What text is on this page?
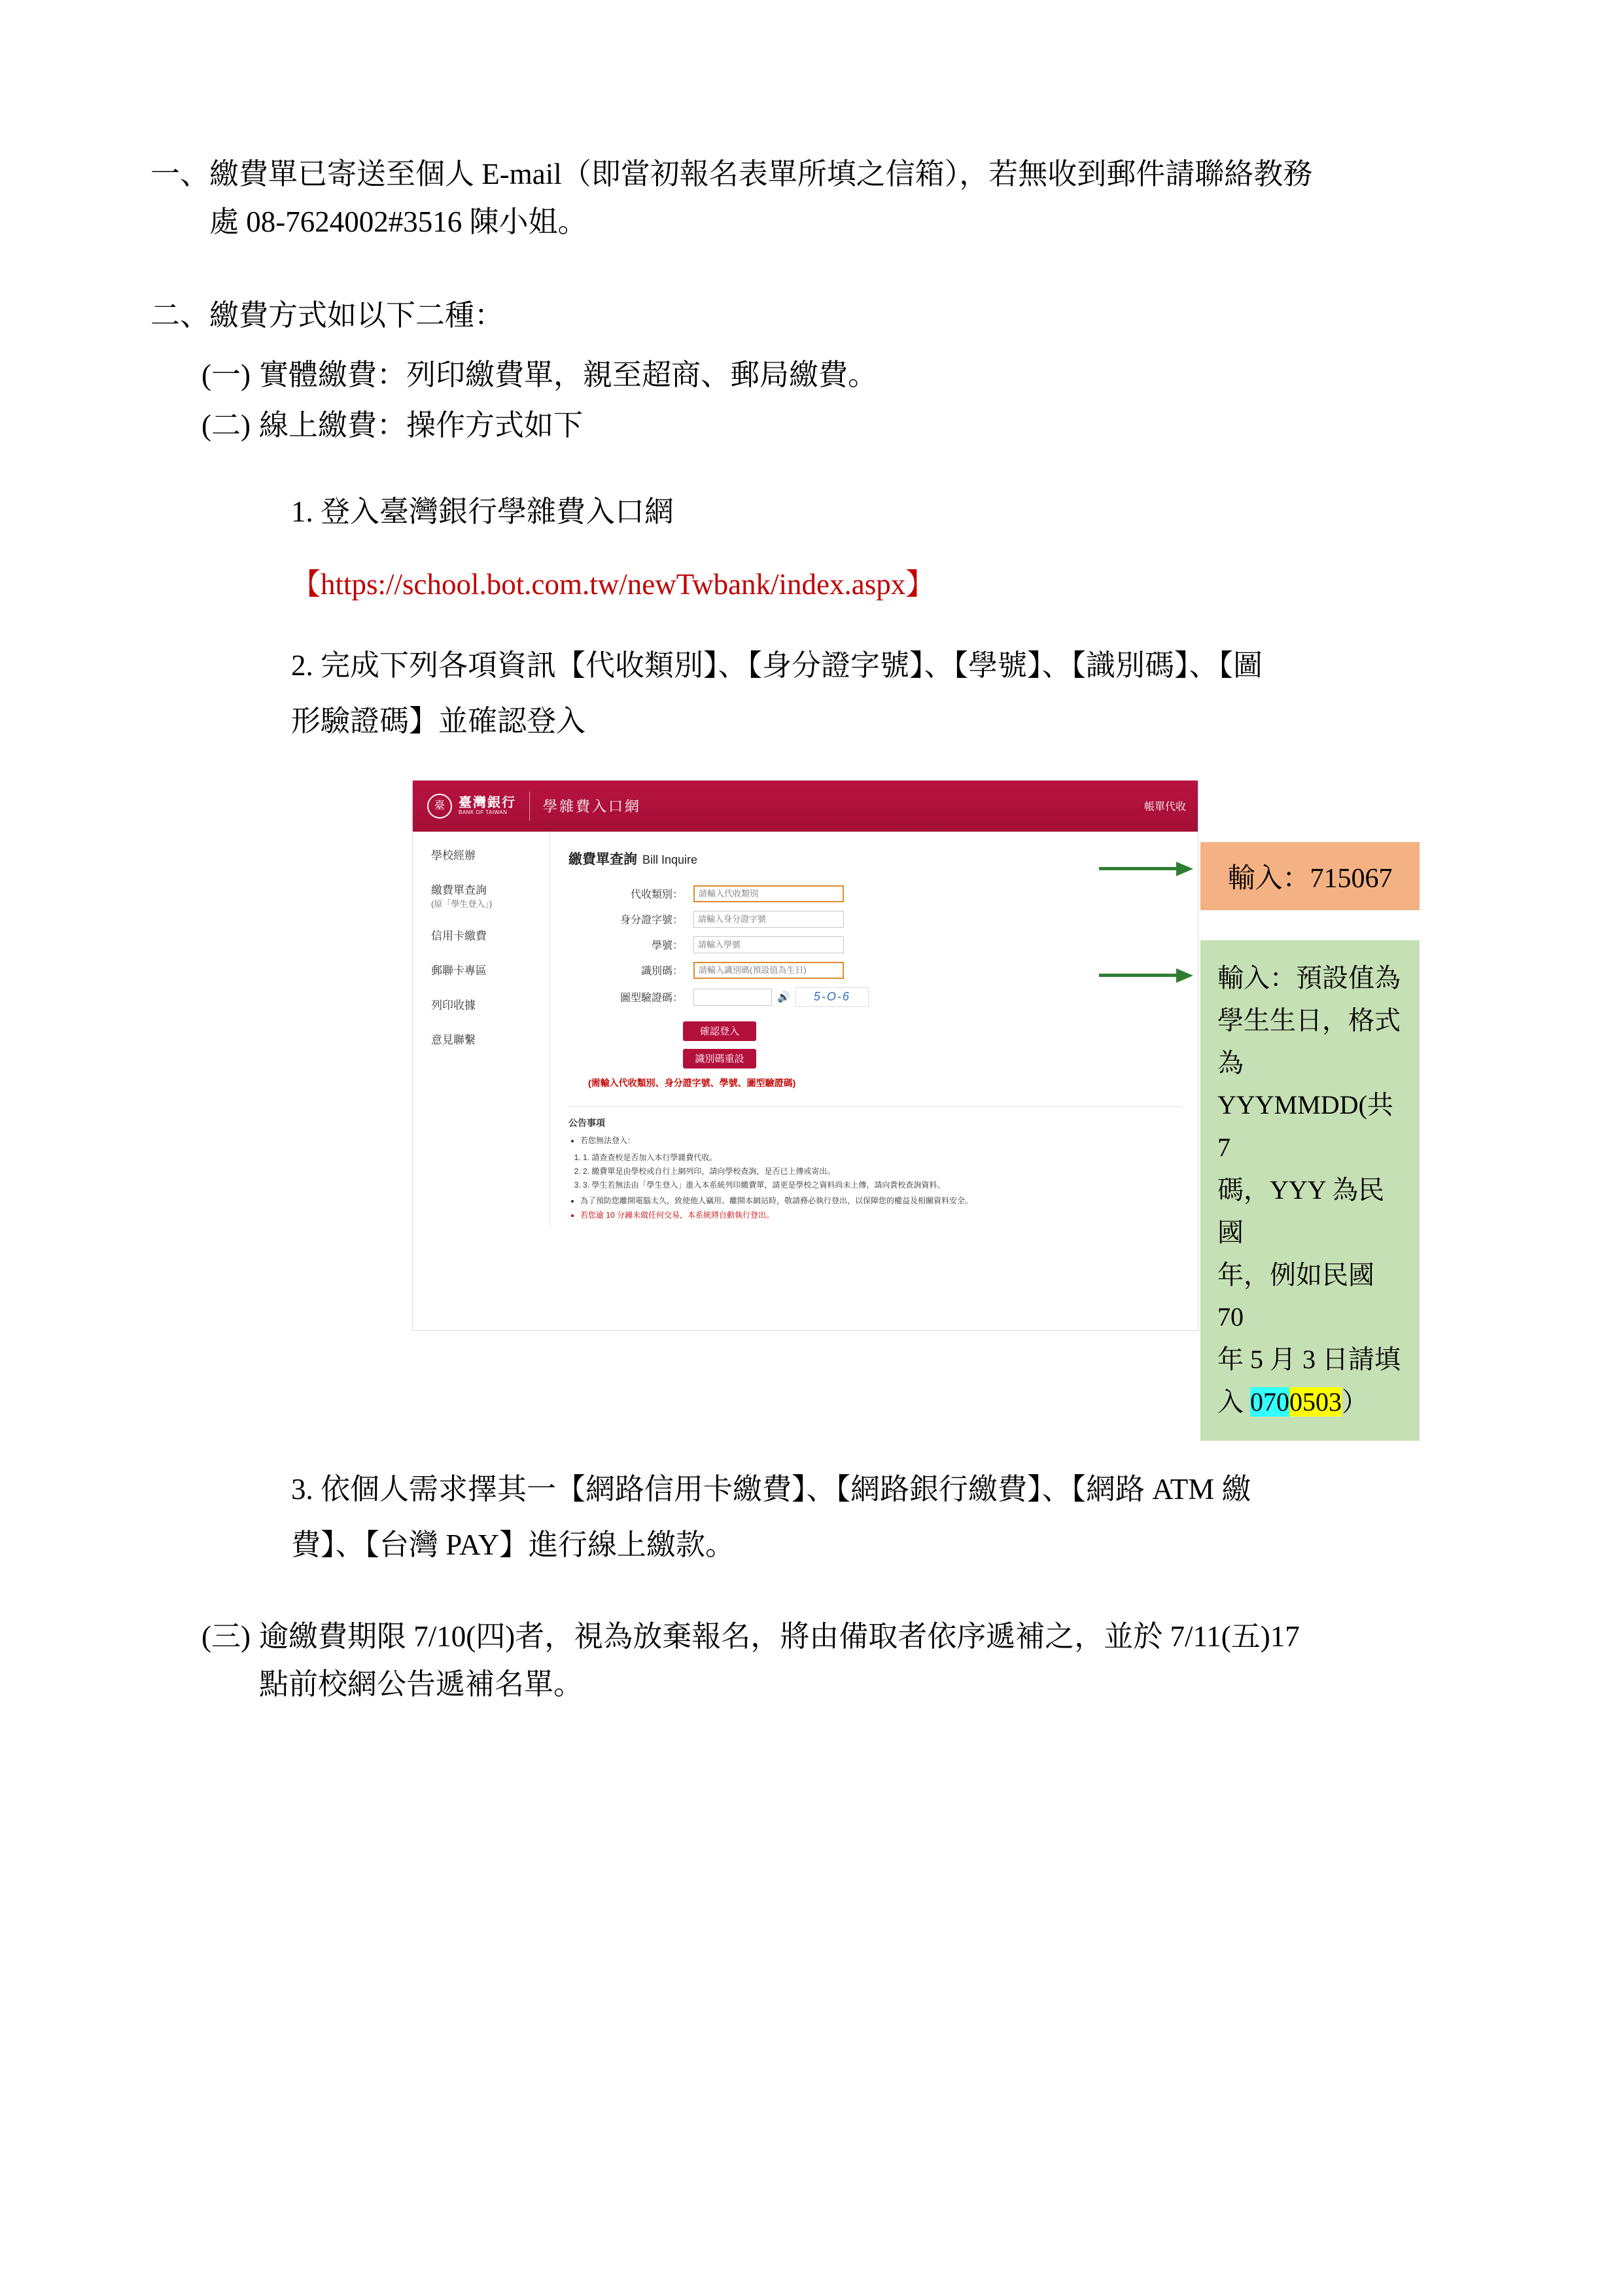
一、 繳費單已寄送至個人 E-mail（即當初報名表單所填之信箱），若無收到郵件請聯絡教務

處 08-7624002#3516 陳小姐。

二、 繳費方式如以下二種：

(一) 實體繳費：列印繳費單，親至超商、郵局繳費。
(二) 線上繳費：操作方式如下
1. 登入臺灣銀行學雜費入口網
【https://school.bot.com.tw/newTwbank/index.aspx】
2. 完成下列各項資訊【代收類別】、【身分證字號】、【學號】、【識別碼】、【圖
形驗證碼】並確認登入
臺	臺灣銀行
BANK OF TAIWAN	學雜費入口網	帳單代收
學校經辦
繳費單查詢
(原「學生登入」)
信用卡繳費
郵聯卡專區
列印收據
意見聯繫
繳費單查詢 Bill Inquire
代收類別：
請輸入代收類別
身分證字號：
請輸入身分證字號
學號：
請輸入學號
識別碼：
請輸入識別碼(預設值為生日)
圖型驗證碼：	🔊	5-O-6
確認登入
識別碼重設
(需輸入代收類別、身分證字號、學號、圖型驗證碼)
公告事項
• 若您無法登入：
1. 1. 請查查校是否加入本行學雜費代收。
2. 2. 繳費單是由學校或自行上網列印，請向學校查詢，是否已上傳或寄出。
3. 3. 學生若無法由「學生登入」進入本系統列印繳費單，請更是學校之資料尚未上傳，請向貴校查詢資料。
• 為了預防您離開電腦太久，致使他人竊用、離開本網站時，敬請務必執行登出，以保障您的權益及相關資料安全。
• 若您逾 10 分鐘未做任何交易，本系統將自動執行登出。
輸入：715067
輸入：預設值為
學生生日，格式
為 YYYMMDD(共 7
碼，YYY 為民國
年，例如民國 70
年 5 月 3 日請填
入 0700503）
3. 依個人需求擇其一【網路信用卡繳費】、【網路銀行繳費】、【網路 ATM 繳
費】、【台灣 PAY】進行線上繳款。
(三) 逾繳費期限 7/10(四)者，視為放棄報名，將由備取者依序遞補之，並於 7/11(五)17
點前校網公告遞補名單。
